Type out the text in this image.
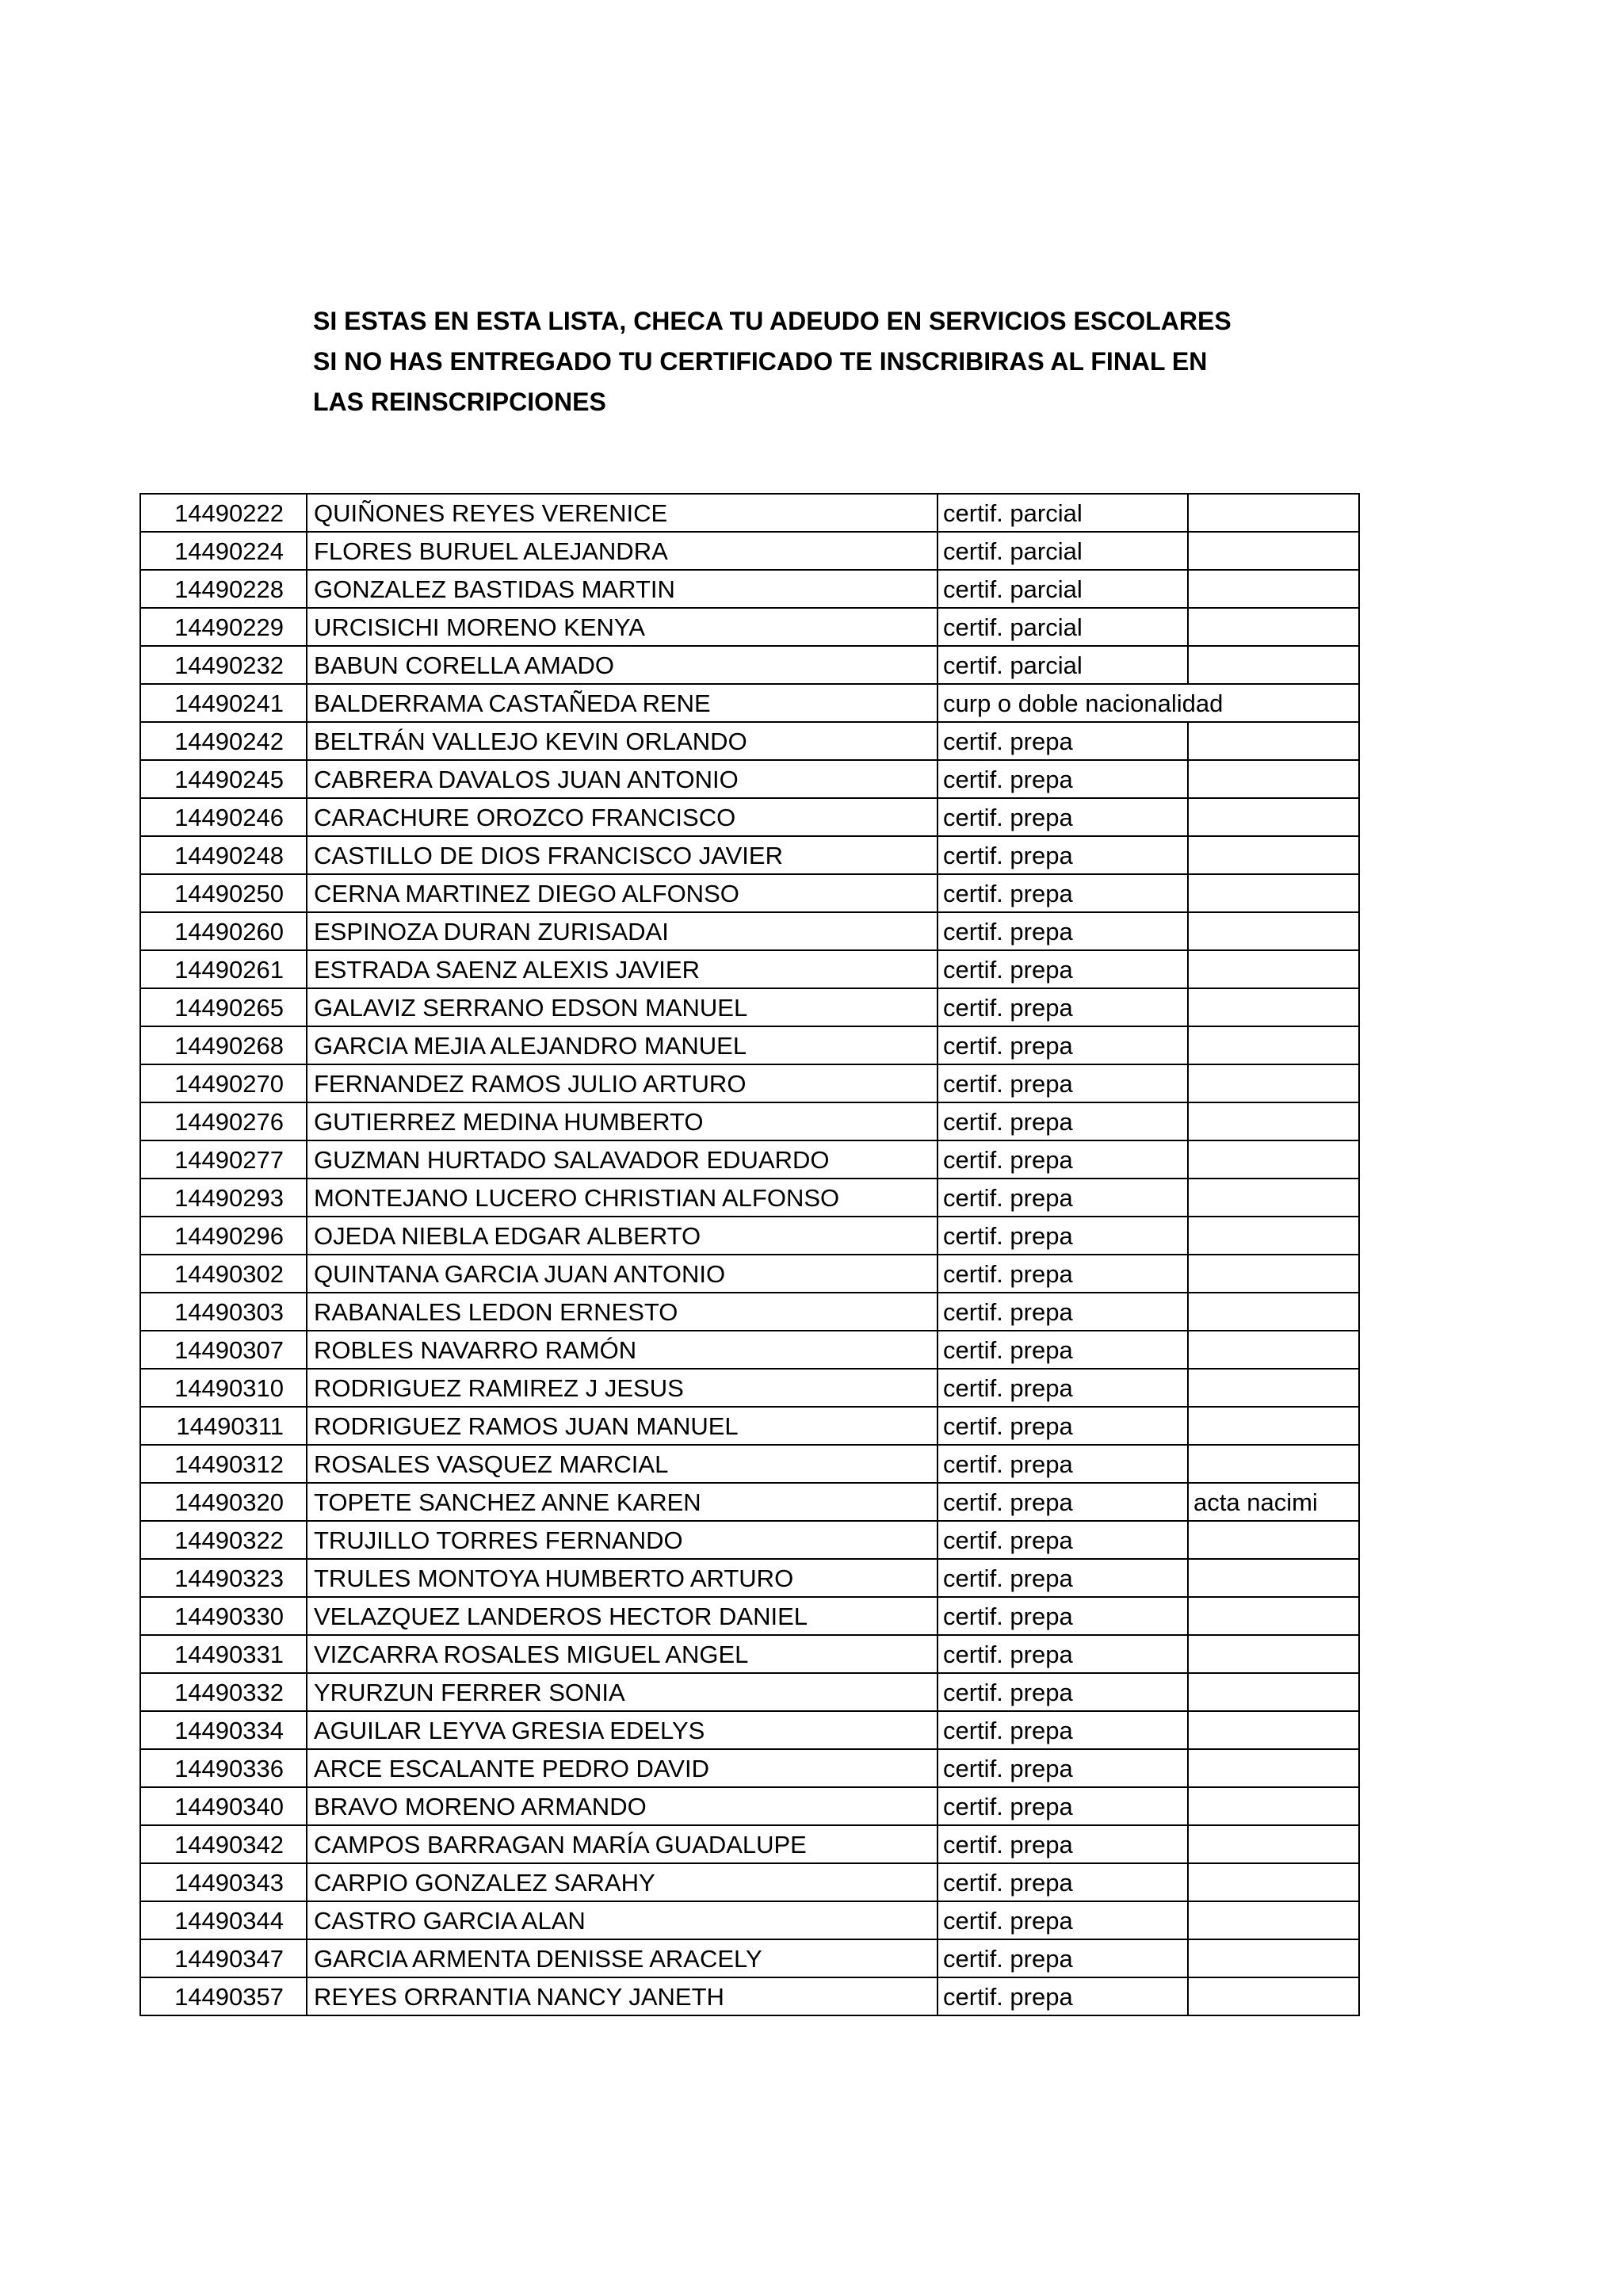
SI ESTAS EN ESTA LISTA, CHECA TU ADEUDO EN SERVICIOS ESCOLARES
SI NO HAS ENTREGADO TU CERTIFICADO TE INSCRIBIRAS AL FINAL EN
LAS REINSCRIPCIONES
14490222	QUIÑONES REYES VERENICE	certif. parcial	
14490224	FLORES BURUEL ALEJANDRA	certif. parcial	
14490228	GONZALEZ BASTIDAS MARTIN	certif. parcial	
14490229	URCISICHI MORENO KENYA	certif. parcial	
14490232	BABUN CORELLA AMADO	certif. parcial	
14490241	BALDERRAMA CASTAÑEDA RENE	curp o doble nacionalidad	
14490242	BELTRÁN VALLEJO KEVIN ORLANDO	certif. prepa	
14490245	CABRERA DAVALOS JUAN ANTONIO	certif. prepa	
14490246	CARACHURE OROZCO FRANCISCO	certif. prepa	
14490248	CASTILLO DE DIOS FRANCISCO JAVIER	certif. prepa	
14490250	CERNA MARTINEZ DIEGO ALFONSO	certif. prepa	
14490260	ESPINOZA DURAN ZURISADAI	certif. prepa	
14490261	ESTRADA SAENZ ALEXIS JAVIER	certif. prepa	
14490265	GALAVIZ SERRANO EDSON MANUEL	certif. prepa	
14490268	GARCIA MEJIA ALEJANDRO MANUEL	certif. prepa	
14490270	FERNANDEZ RAMOS JULIO ARTURO	certif. prepa	
14490276	GUTIERREZ MEDINA HUMBERTO	certif. prepa	
14490277	GUZMAN HURTADO SALAVADOR EDUARDO	certif. prepa	
14490293	MONTEJANO LUCERO CHRISTIAN ALFONSO	certif. prepa	
14490296	OJEDA NIEBLA EDGAR ALBERTO	certif. prepa	
14490302	QUINTANA GARCIA JUAN ANTONIO	certif. prepa	
14490303	RABANALES LEDON ERNESTO	certif. prepa	
14490307	ROBLES NAVARRO RAMÓN	certif. prepa	
14490310	RODRIGUEZ RAMIREZ J JESUS	certif. prepa	
14490311	RODRIGUEZ RAMOS JUAN MANUEL	certif. prepa	
14490312	ROSALES VASQUEZ MARCIAL	certif. prepa	
14490320	TOPETE SANCHEZ ANNE KAREN	certif. prepa	acta nacimi
14490322	TRUJILLO TORRES FERNANDO	certif. prepa	
14490323	TRULES MONTOYA HUMBERTO ARTURO	certif. prepa	
14490330	VELAZQUEZ LANDEROS HECTOR DANIEL	certif. prepa	
14490331	VIZCARRA ROSALES MIGUEL ANGEL	certif. prepa	
14490332	YRURZUN FERRER SONIA	certif. prepa	
14490334	AGUILAR LEYVA GRESIA EDELYS	certif. prepa	
14490336	ARCE ESCALANTE PEDRO DAVID	certif. prepa	
14490340	BRAVO MORENO ARMANDO	certif. prepa	
14490342	CAMPOS BARRAGAN MARÍA GUADALUPE	certif. prepa	
14490343	CARPIO GONZALEZ SARAHY	certif. prepa	
14490344	CASTRO GARCIA ALAN	certif. prepa	
14490347	GARCIA ARMENTA DENISSE ARACELY	certif. prepa	
14490357	REYES ORRANTIA NANCY JANETH	certif. prepa	
